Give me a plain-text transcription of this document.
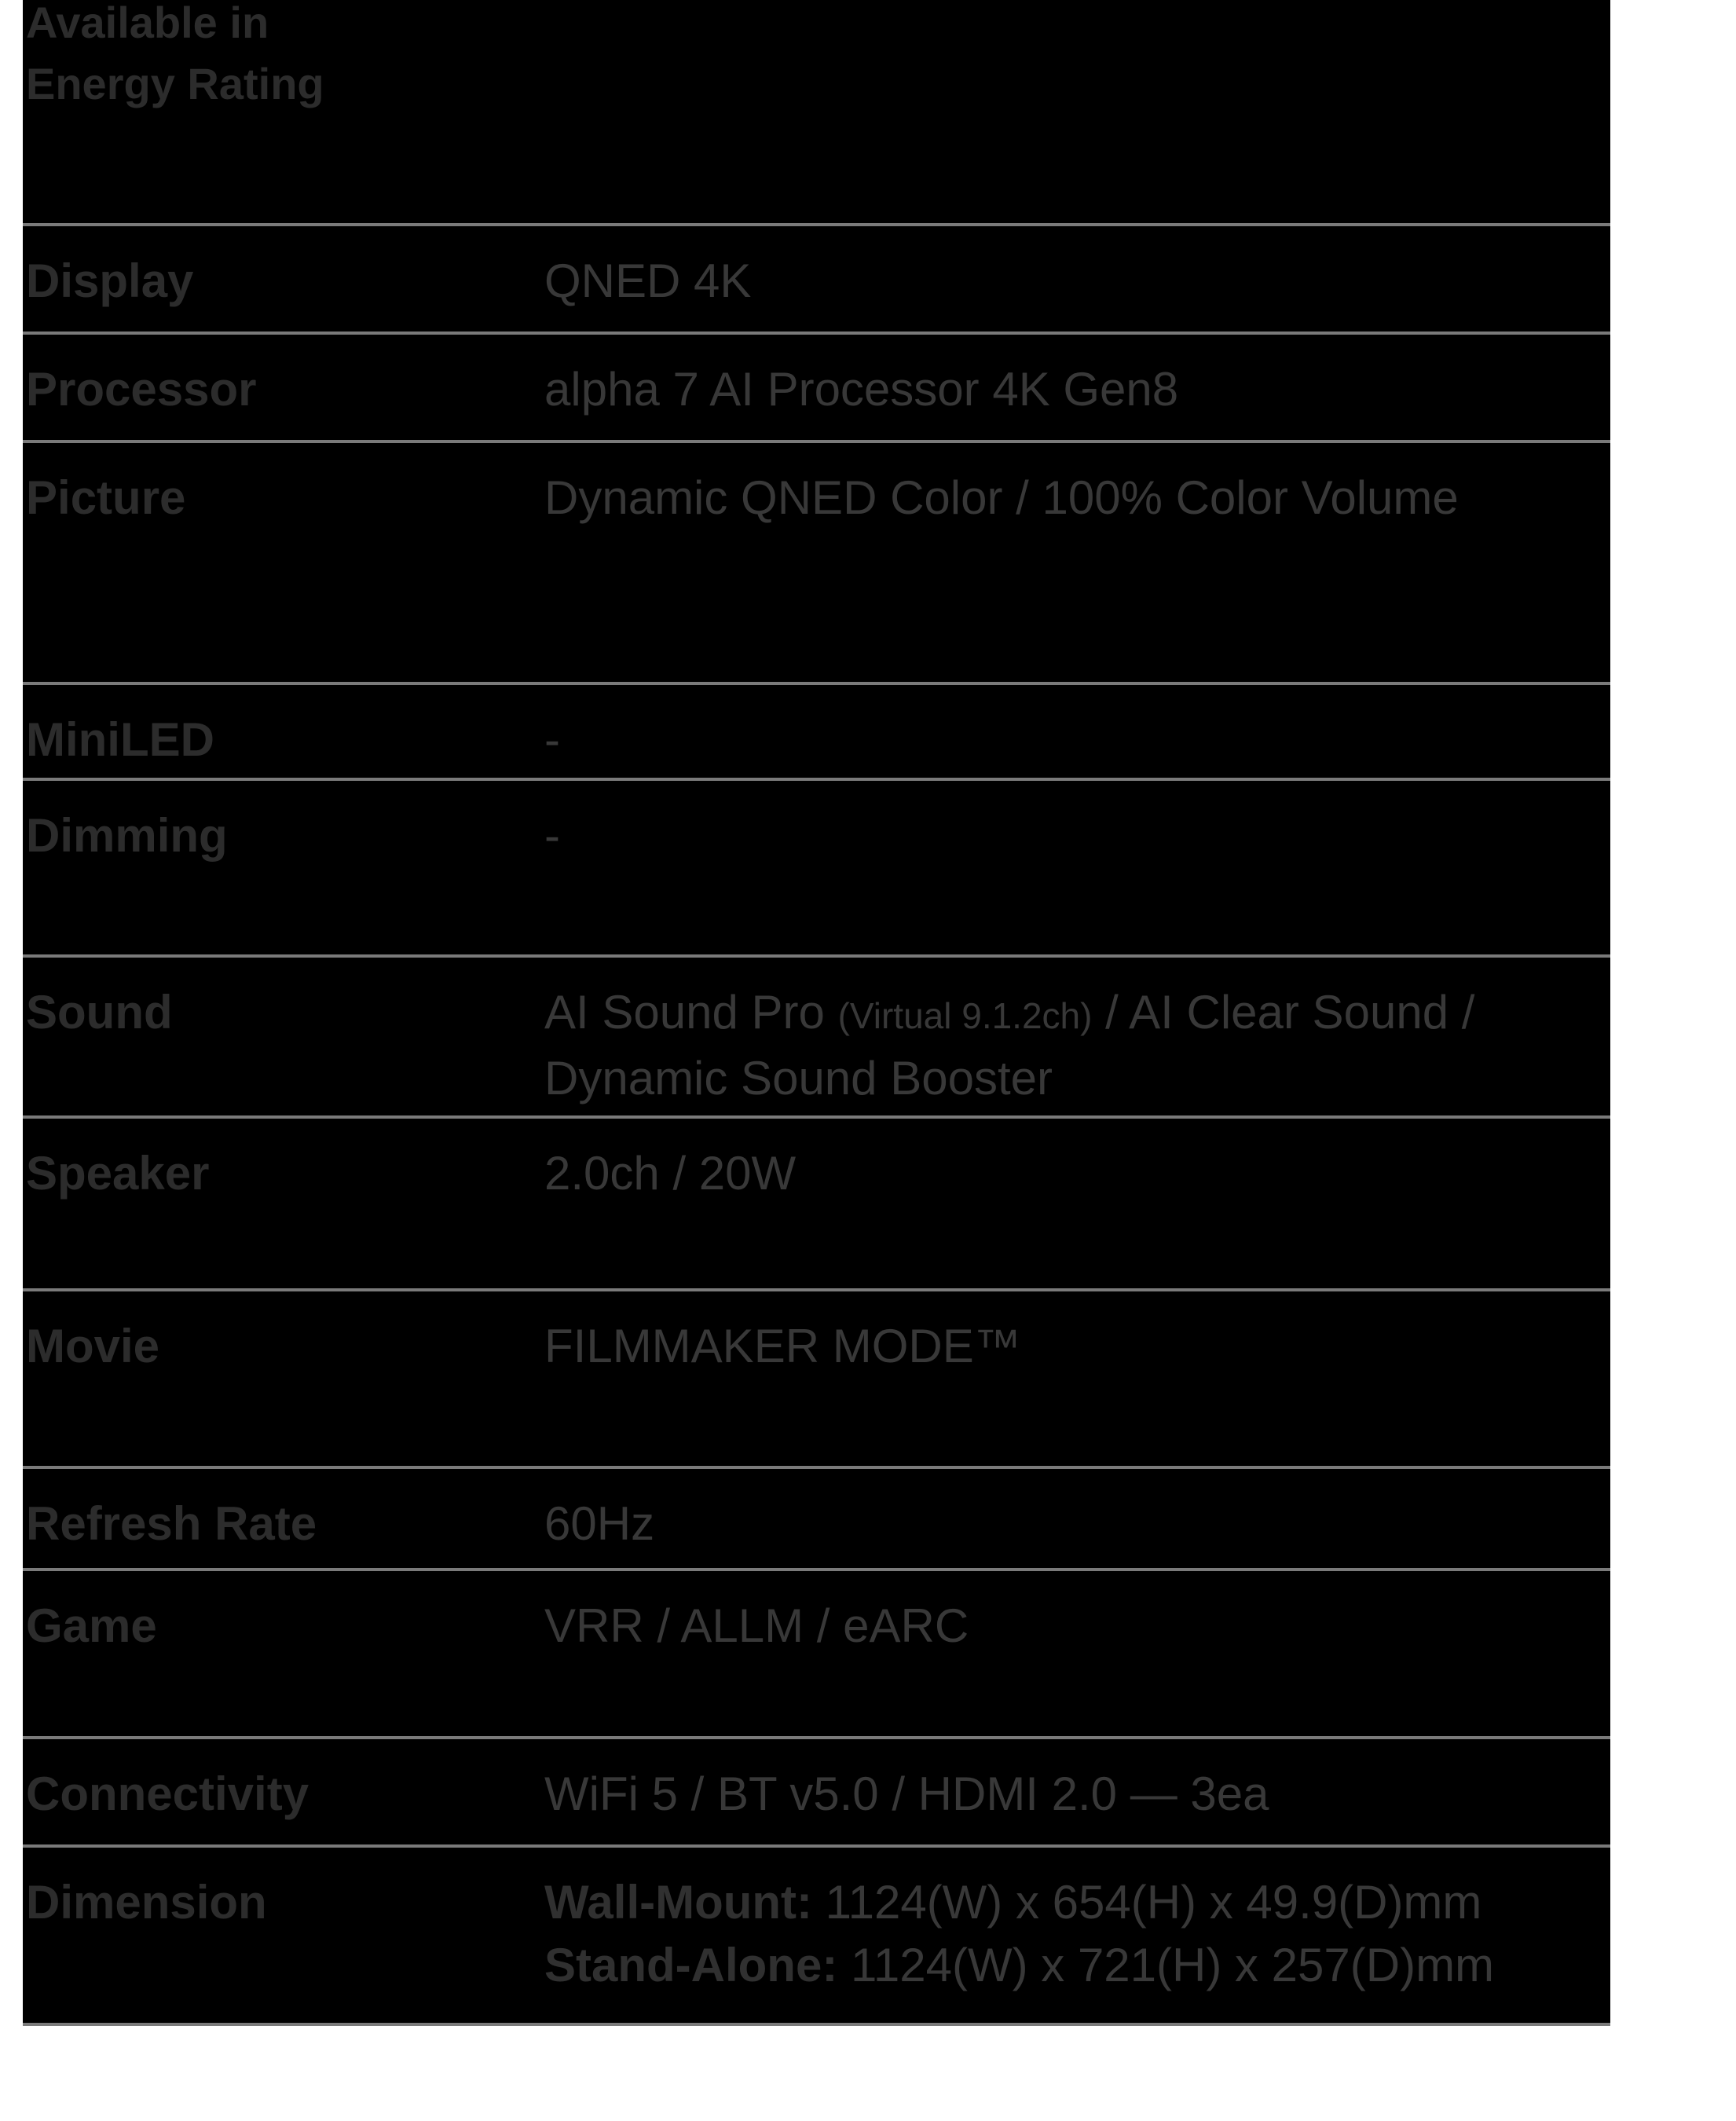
Available in
Energy Rating
Display	QNED 4K
Processor	alpha 7 AI Processor 4K Gen8
Picture	Dynamic QNED Color / 100% Color Volume
MiniLED	-
Dimming	-
Sound	AI Sound Pro (Virtual 9.1.2ch) / AI Clear Sound / Dynamic Sound Booster
Speaker	2.0ch / 20W
Movie	FILMMAKER MODE™
Refresh Rate	60Hz
Game	VRR / ALLM / eARC
Connectivity	WiFi 5 / BT v5.0 / HDMI 2.0 — 3ea
Dimension	Wall-Mount: 1124(W) x 654(H) x 49.9(D)mm
Stand-Alone: 1124(W) x 721(H) x 257(D)mm
